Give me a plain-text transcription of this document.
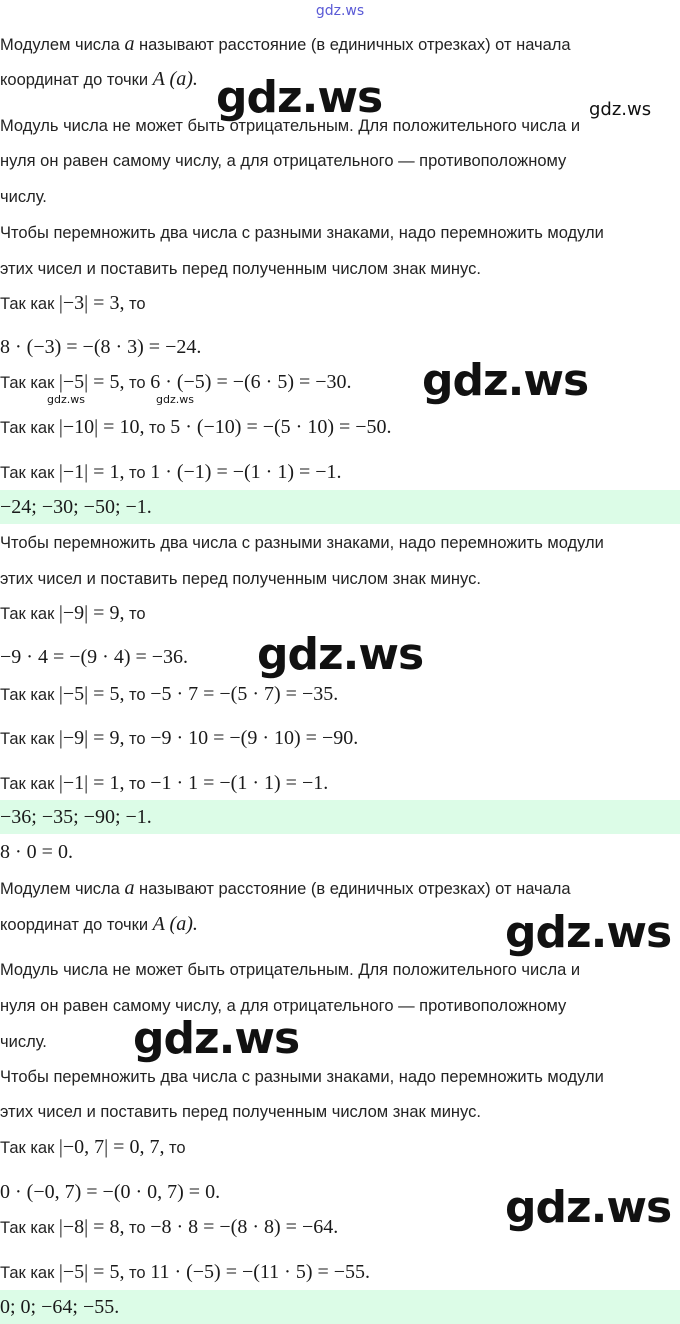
gdz.ws
Модулем числа a называют расстояние (в единичных отрезках) от начала
координат до точки A (a).
Модуль числа не может быть отрицательным. Для положительного числа и
нуля он равен самому числу, а для отрицательного — противоположному
числу.
Чтобы перемножить два числа с разными знаками, надо перемножить модули
этих чисел и поставить перед полученным числом знак минус.
Так как |−3| = 3, то
8 · (−3) = −(8 · 3) = −24.
Так как |−5| = 5, то 6 · (−5) = −(6 · 5) = −30.
Так как |−10| = 10, то 5 · (−10) = −(5 · 10) = −50.
Так как |−1| = 1, то 1 · (−1) = −(1 · 1) = −1.
−24; −30; −50; −1.
Чтобы перемножить два числа с разными знаками, надо перемножить модули
этих чисел и поставить перед полученным числом знак минус.
Так как |−9| = 9, то
−9 · 4 = −(9 · 4) = −36.
Так как |−5| = 5, то −5 · 7 = −(5 · 7) = −35.
Так как |−9| = 9, то −9 · 10 = −(9 · 10) = −90.
Так как |−1| = 1, то −1 · 1 = −(1 · 1) = −1.
−36; −35; −90; −1.
8 · 0 = 0.
Модулем числа a называют расстояние (в единичных отрезках) от начала
координат до точки A (a).
Модуль числа не может быть отрицательным. Для положительного числа и
нуля он равен самому числу, а для отрицательного — противоположному
числу.
Чтобы перемножить два числа с разными знаками, надо перемножить модули
этих чисел и поставить перед полученным числом знак минус.
Так как |−0, 7| = 0, 7, то
0 · (−0, 7) = −(0 · 0, 7) = 0.
Так как |−8| = 8, то −8 · 8 = −(8 · 8) = −64.
Так как |−5| = 5, то 11 · (−5) = −(11 · 5) = −55.
0; 0; −64; −55.
gdz.ws	gdz.ws
gdz.ws
gdz.ws	gdz.ws
gdz.ws
gdz.ws
gdz.ws
gdz.ws
